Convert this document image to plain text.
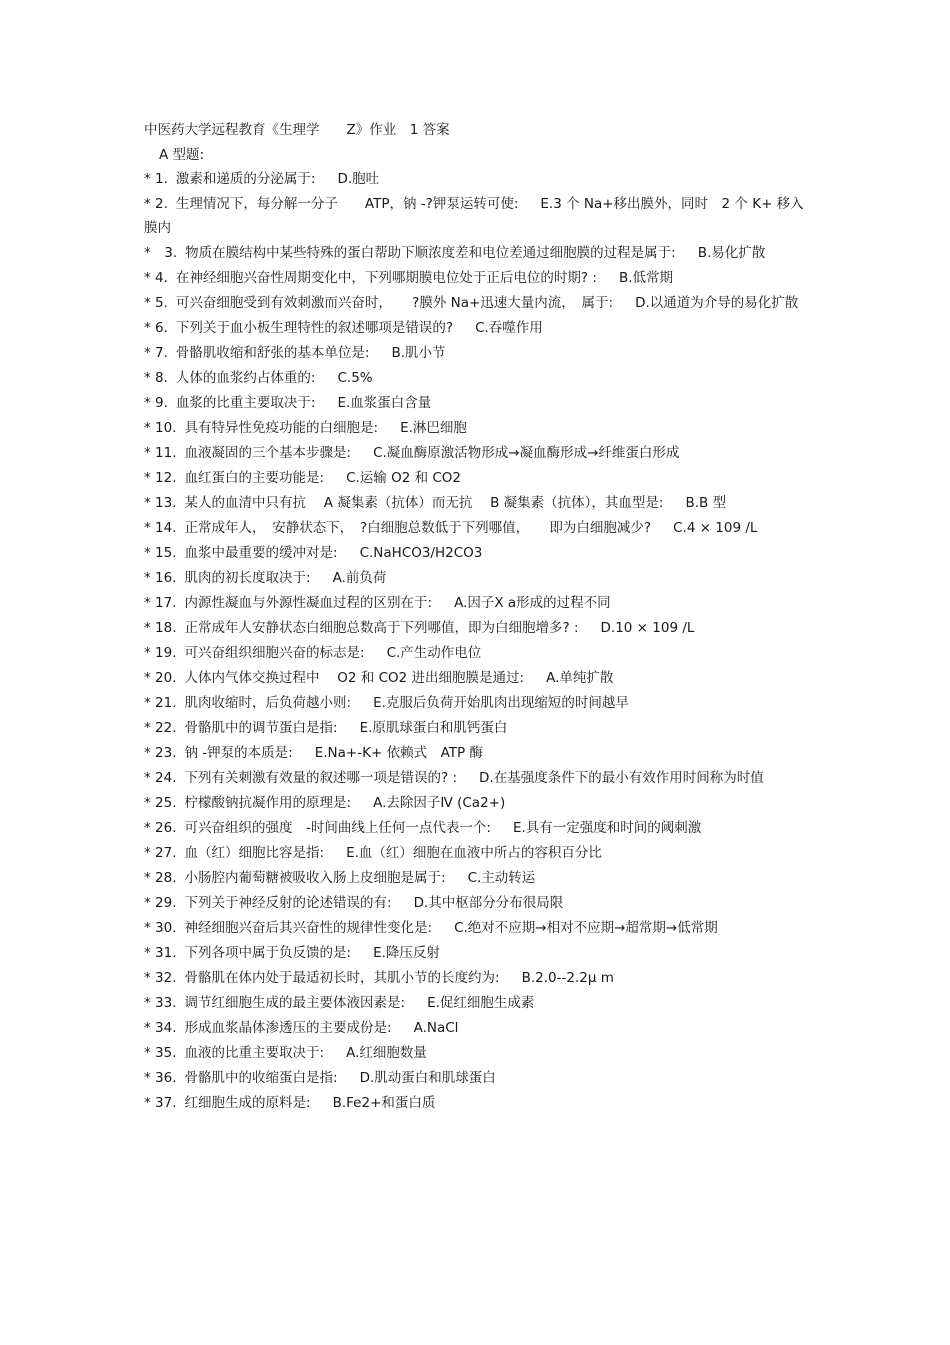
中医药大学远程教育《生理学　　Z》作业　1 答案
A 型题:
* 1. 激素和递质的分泌属于: D.胞吐
* 2. 生理情况下，每分解一分子　　ATP，钠 -?钾泵运转可使: E.3 个 Na+移出膜外，同时　2 个 K+ 移入膜内
*　3. 物质在膜结构中某些特殊的蛋白帮助下顺浓度差和电位差通过细胞膜的过程是属于: B.易化扩散
* 4. 在神经细胞兴奋性周期变化中，下列哪期膜电位处于正后电位的时期? : B.低常期
* 5. 可兴奋细胞受到有效刺激而兴奋时，　　?膜外 Na+迅速大量内流，　属于: D.以通道为介导的易化扩散
* 6. 下列关于血小板生理特性的叙述哪项是错误的? C.吞噬作用
* 7. 骨骼肌收缩和舒张的基本单位是: B.肌小节
* 8. 人体的血浆约占体重的: C.5%
* 9. 血浆的比重主要取决于: E.血浆蛋白含量
* 10. 具有特异性免疫功能的白细胞是: E.淋巴细胞
* 11. 血液凝固的三个基本步骤是: C.凝血酶原激活物形成→凝血酶形成→纤维蛋白形成
* 12. 血红蛋白的主要功能是: C.运输 O2 和 CO2
* 13. 某人的血清中只有抗　 A 凝集素（抗体）而无抗　 B 凝集素（抗体），其血型是: B.B 型
* 14. 正常成年人，　安静状态下，　?白细胞总数低于下列哪值，　　即为白细胞减少? C.4 × 109 /L
* 15. 血浆中最重要的缓冲对是: C.NaHCO3/H2CO3
* 16. 肌肉的初长度取决于: A.前负荷
* 17. 内源性凝血与外源性凝血过程的区别在于: A.因子Ⅹ a形成的过程不同
* 18. 正常成年人安静状态白细胞总数高于下列哪值，即为白细胞增多? : D.10 × 109 /L
* 19. 可兴奋组织细胞兴奋的标志是: C.产生动作电位
* 20. 人体内气体交换过程中　 O2 和 CO2 进出细胞膜是通过: A.单纯扩散
* 21. 肌肉收缩时，后负荷越小则: E.克服后负荷开始肌肉出现缩短的时间越早
* 22. 骨骼肌中的调节蛋白是指: E.原肌球蛋白和肌钙蛋白
* 23. 钠 -钾泵的本质是: E.Na+-K+ 依赖式　ATP 酶
* 24. 下列有关刺激有效量的叙述哪一项是错误的? : D.在基强度条件下的最小有效作用时间称为时值
* 25. 柠檬酸钠抗凝作用的原理是: A.去除因子Ⅳ (Ca2+)
* 26. 可兴奋组织的强度　-时间曲线上任何一点代表一个: E.具有一定强度和时间的阈刺激
* 27. 血（红）细胞比容是指: E.血（红）细胞在血液中所占的容积百分比
* 28. 小肠腔内葡萄糖被吸收入肠上皮细胞是属于: C.主动转运
* 29. 下列关于神经反射的论述错误的有: D.其中枢部分分布很局限
* 30. 神经细胞兴奋后其兴奋性的规律性变化是: C.绝对不应期→相对不应期→超常期→低常期
* 31. 下列各项中属于负反馈的是: E.降压反射
* 32. 骨骼肌在体内处于最适初长时，其肌小节的长度约为: B.2.0--2.2μ m
* 33. 调节红细胞生成的最主要体液因素是: E.促红细胞生成素
* 34. 形成血浆晶体渗透压的主要成份是: A.NaCl
* 35. 血液的比重主要取决于: A.红细胞数量
* 36. 骨骼肌中的收缩蛋白是指: D.肌动蛋白和肌球蛋白
* 37. 红细胞生成的原料是: B.Fe2+和蛋白质
